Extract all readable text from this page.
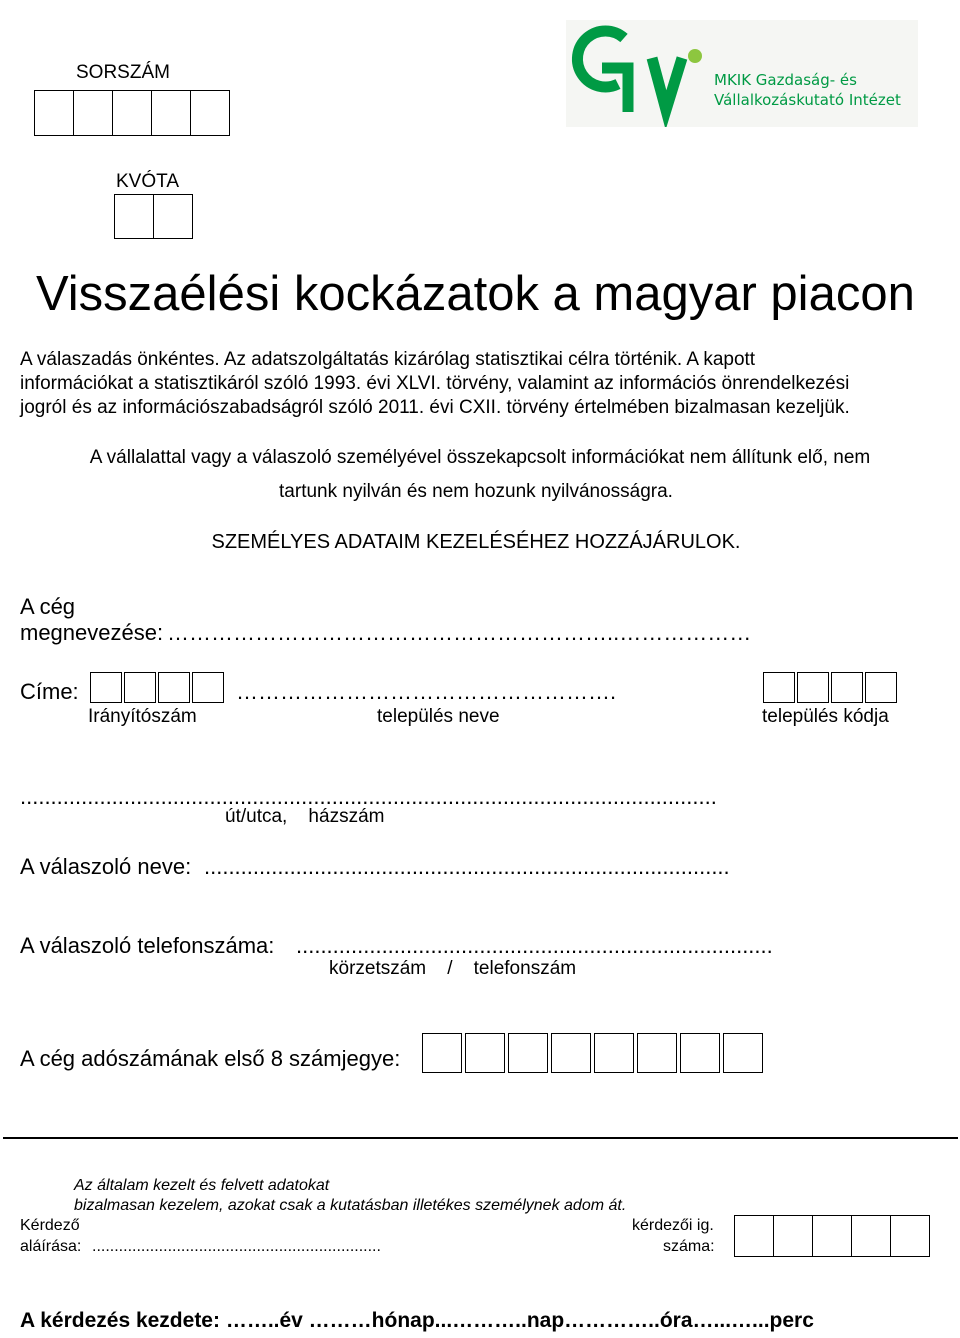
SORSZÁM
KVÓTA
MKIK Gazdaság- és
Vállalkozáskutató Intézet
Visszaélési kockázatok a magyar piacon
A válaszadás önkéntes. Az adatszolgáltatás kizárólag statisztikai célra történik. A kapott
információkat a statisztikáról szóló 1993. évi XLVI. törvény, valamint az információs önrendelkezési
jogról és az információszabadságról szóló 2011. évi CXII. törvény értelmében bizalmasan kezeljük.
A vállalattal vagy a válaszoló személyével összekapcsolt információkat nem állítunk elő, nem
tartunk nyilván és nem hozunk nyilvánosságra.
SZEMÉLYES ADATAIM KEZELÉSÉHEZ HOZZÁJÁRULOK.
A cég
megnevezése: ……………………………………………………..………………
Címe:	…………………………………………….
Irányítószám	település neve	település kódja
..................................................................................................................
út/utca,    házszám
A válaszoló neve: ......................................................................................
A válaszoló telefonszáma: ..............................................................................
körzetszám    /    telefonszám
A cég adószámának első 8 számjegye:
Az általam kezelt és felvett adatokat
bizalmasan kezelem, azokat csak a kutatásban illetékes személynek adom át.
Kérdező
aláírása: .................................................................
kérdezői ig.
száma:
A kérdezés kezdete: ……..év ………hónap...………..nap…………..óra…...…...perc
